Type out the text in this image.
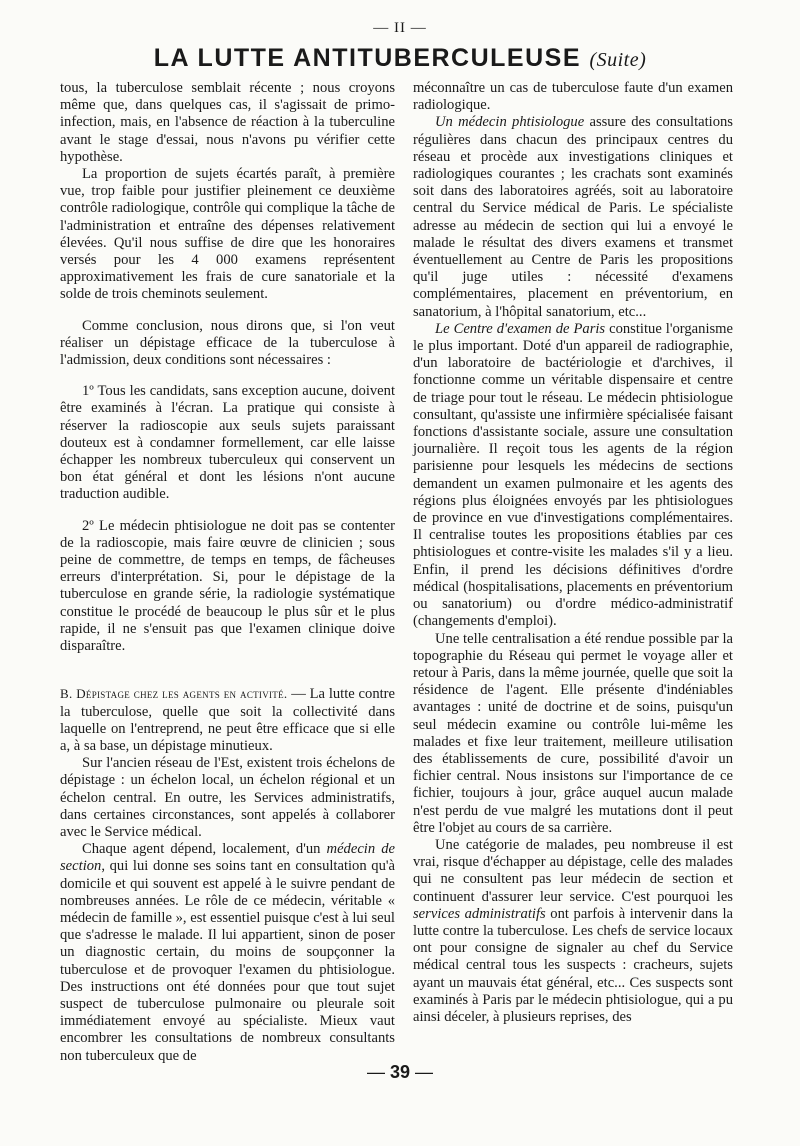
— II —
LA LUTTE ANTITUBERCULEUSE (Suite)

tous, la tuberculose semblait récente ; nous croyons même que, dans quelques cas, il s'agissait de primo-infection, mais, en l'absence de réaction à la tuberculine avant le stage d'essai, nous n'avons pu vérifier cette hypothèse.

La proportion de sujets écartés paraît, à première vue, trop faible pour justifier pleinement ce deuxième contrôle radiologique, contrôle qui complique la tâche de l'administration et entraîne des dépenses relativement élevées. Qu'il nous suffise de dire que les honoraires versés pour les 4 000 examens représentent approximativement les frais de cure sanatoriale et la solde de trois cheminots seulement.

Comme conclusion, nous dirons que, si l'on veut réaliser un dépistage efficace de la tuberculose à l'admission, deux conditions sont nécessaires :

1º Tous les candidats, sans exception aucune, doivent être examinés à l'écran. La pratique qui consiste à réserver la radioscopie aux seuls sujets paraissant douteux est à condamner formellement, car elle laisse échapper les nombreux tuberculeux qui conservent un bon état général et dont les lésions n'ont aucune traduction audible.

2º Le médecin phtisiologue ne doit pas se contenter de la radioscopie, mais faire œuvre de clinicien ; sous peine de commettre, de temps en temps, de fâcheuses erreurs d'interprétation. Si, pour le dépistage de la tuberculose en grande série, la radiologie systématique constitue le procédé de beaucoup le plus sûr et le plus rapide, il ne s'ensuit pas que l'examen clinique doive disparaître.

B. Dépistage chez les agents en activité. — La lutte contre la tuberculose, quelle que soit la collectivité dans laquelle on l'entreprend, ne peut être efficace que si elle a, à sa base, un dépistage minutieux.

Sur l'ancien réseau de l'Est, existent trois échelons de dépistage : un échelon local, un échelon régional et un échelon central. En outre, les Services administratifs, dans certaines circonstances, sont appelés à collaborer avec le Service médical.

Chaque agent dépend, localement, d'un médecin de section, qui lui donne ses soins tant en consultation qu'à domicile et qui souvent est appelé à le suivre pendant de nombreuses années. Le rôle de ce médecin, véritable « médecin de famille », est essentiel puisque c'est à lui seul que s'adresse le malade. Il lui appartient, sinon de poser un diagnostic certain, du moins de soupçonner la tuberculose et de provoquer l'examen du phtisiologue. Des instructions ont été données pour que tout sujet suspect de tuberculose pulmonaire ou pleurale soit immédiatement envoyé au spécialiste. Mieux vaut encombrer les consultations de nombreux consultants non tuberculeux que de

méconnaître un cas de tuberculose faute d'un examen radiologique.

Un médecin phtisiologue assure des consultations régulières dans chacun des principaux centres du réseau et procède aux investigations cliniques et radiologiques courantes ; les crachats sont examinés soit dans des laboratoires agréés, soit au laboratoire central du Service médical de Paris. Le spécialiste adresse au médecin de section qui lui a envoyé le malade le résultat des divers examens et transmet éventuellement au Centre de Paris les propositions qu'il juge utiles : nécessité d'examens complémentaires, placement en préventorium, en sanatorium, à l'hôpital sanatorium, etc...

Le Centre d'examen de Paris constitue l'organisme le plus important. Doté d'un appareil de radiographie, d'un laboratoire de bactériologie et d'archives, il fonctionne comme un véritable dispensaire et centre de triage pour tout le réseau. Le médecin phtisiologue consultant, qu'assiste une infirmière spécialisée faisant fonctions d'assistante sociale, assure une consultation journalière. Il reçoit tous les agents de la région parisienne pour lesquels les médecins de sections demandent un examen pulmonaire et les agents des régions plus éloignées envoyés par les phtisiologues de province en vue d'investigations complémentaires. Il centralise toutes les propositions établies par ces phtisiologues et contre-visite les malades s'il y a lieu. Enfin, il prend les décisions définitives d'ordre médical (hospitalisations, placements en préventorium ou sanatorium) ou d'ordre médico-administratif (changements d'emploi).

Une telle centralisation a été rendue possible par la topographie du Réseau qui permet le voyage aller et retour à Paris, dans la même journée, quelle que soit la résidence de l'agent. Elle présente d'indéniables avantages : unité de doctrine et de soins, puisqu'un seul médecin examine ou contrôle lui-même les malades et fixe leur traitement, meilleure utilisation des établissements de cure, possibilité d'avoir un fichier central. Nous insistons sur l'importance de ce fichier, toujours à jour, grâce auquel aucun malade n'est perdu de vue malgré les mutations dont il peut être l'objet au cours de sa carrière.

Une catégorie de malades, peu nombreuse il est vrai, risque d'échapper au dépistage, celle des malades qui ne consultent pas leur médecin de section et continuent d'assurer leur service. C'est pourquoi les services administratifs ont parfois à intervenir dans la lutte contre la tuberculose. Les chefs de service locaux ont pour consigne de signaler au chef du Service médical central tous les suspects : cracheurs, sujets ayant un mauvais état général, etc... Ces suspects sont examinés à Paris par le médecin phtisiologue, qui a pu ainsi déceler, à plusieurs reprises, des

— 39 —
